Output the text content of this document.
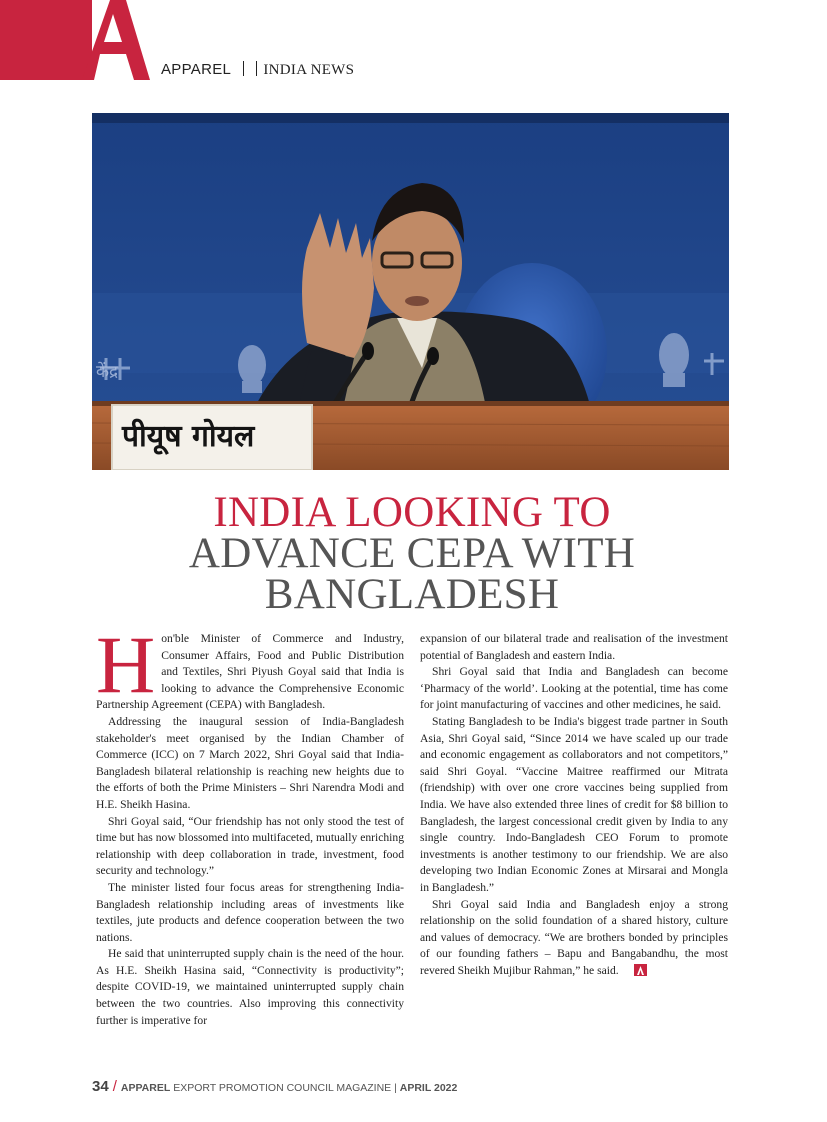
APPAREL INDIA NEWS
पीयूष गोयल
केंद्र
INDIA LOOKING TO
ADVANCE CEPA WITH
BANGLADESH

Hon'ble Minister of Commerce and Industry, Consumer Affairs, Food and Public Distribution and Textiles, Shri Piyush Goyal said that India is looking to advance the Comprehensive Economic Partnership Agreement (CEPA) with Bangladesh.

Addressing the inaugural session of India-Bangladesh stakeholder's meet organised by the Indian Chamber of Commerce (ICC) on 7 March 2022, Shri Goyal said that India-Bangladesh bilateral relationship is reaching new heights due to the efforts of both the Prime Ministers – Shri Narendra Modi and H.E. Sheikh Hasina.

Shri Goyal said, “Our friendship has not only stood the test of time but has now blossomed into multifaceted, mutually enriching relationship with deep collaboration in trade, investment, food security and technology.”

The minister listed four focus areas for strengthening India-Bangladesh relationship including areas of investments like textiles, jute products and defence cooperation between the two nations.

He said that uninterrupted supply chain is the need of the hour. As H.E. Sheikh Hasina said, “Connectivity is productivity”; despite COVID-19, we maintained uninterrupted supply chain between the two countries. Also improving this connectivity further is imperative for

expansion of our bilateral trade and realisation of the investment potential of Bangladesh and eastern India.

Shri Goyal said that India and Bangladesh can become ‘Pharmacy of the world’. Looking at the potential, time has come for joint manufacturing of vaccines and other medicines, he said.

Stating Bangladesh to be India's biggest trade partner in South Asia, Shri Goyal said, “Since 2014 we have scaled up our trade and economic engagement as collaborators and not competitors,” said Shri Goyal. “Vaccine Maitree reaffirmed our Mitrata (friendship) with over one crore vaccines being supplied from India. We have also extended three lines of credit for $8 billion to Bangladesh, the largest concessional credit given by India to any single country. Indo-Bangladesh CEO Forum to promote investments is another testimony to our friendship. We are also developing two Indian Economic Zones at Mirsarai and Mongla in Bangladesh.”

Shri Goyal said India and Bangladesh enjoy a strong relationship on the solid foundation of a shared history, culture and values of democracy. “We are brothers bonded by principles of our founding fathers – Bapu and Bangabandhu, the most revered Sheikh Mujibur Rahman,” he said.

34 / APPAREL EXPORT PROMOTION COUNCIL MAGAZINE | APRIL 2022
